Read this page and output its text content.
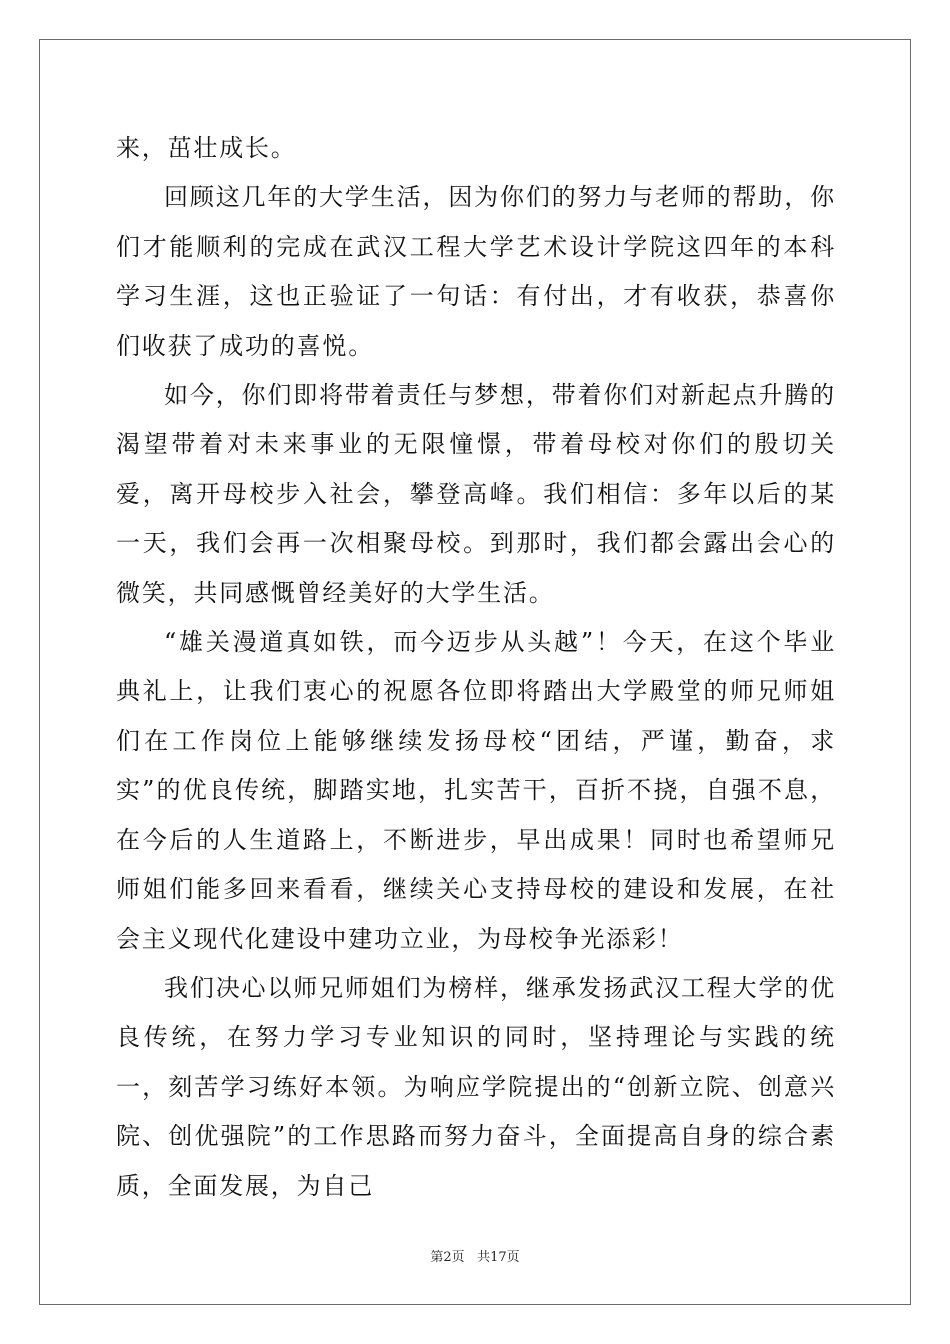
来，茁壮成长。

回顾这几年的大学生活，因为你们的努力与老师的帮助，你们才能顺利的完成在武汉工程大学艺术设计学院这四年的本科学习生涯，这也正验证了一句话：有付出，才有收获，恭喜你们收获了成功的喜悦。

如今，你们即将带着责任与梦想，带着你们对新起点升腾的渴望带着对未来事业的无限憧憬，带着母校对你们的殷切关爱，离开母校步入社会，攀登高峰。我们相信：多年以后的某一天，我们会再一次相聚母校。到那时，我们都会露出会心的微笑，共同感慨曾经美好的大学生活。

“雄关漫道真如铁，而今迈步从头越”！今天，在这个毕业典礼上，让我们衷心的祝愿各位即将踏出大学殿堂的师兄师姐们在工作岗位上能够继续发扬母校“团结，严谨，勤奋，求实”的优良传统，脚踏实地，扎实苦干，百折不挠，自强不息，在今后的人生道路上，不断进步，早出成果！同时也希望师兄师姐们能多回来看看，继续关心支持母校的建设和发展，在社会主义现代化建设中建功立业，为母校争光添彩！

我们决心以师兄师姐们为榜样，继承发扬武汉工程大学的优良传统，在努力学习专业知识的同时，坚持理论与实践的统一，刻苦学习练好本领。为响应学院提出的“创新立院、创意兴院、创优强院”的工作思路而努力奋斗，全面提高自身的综合素质，全面发展，为自己

第2页 共17页
